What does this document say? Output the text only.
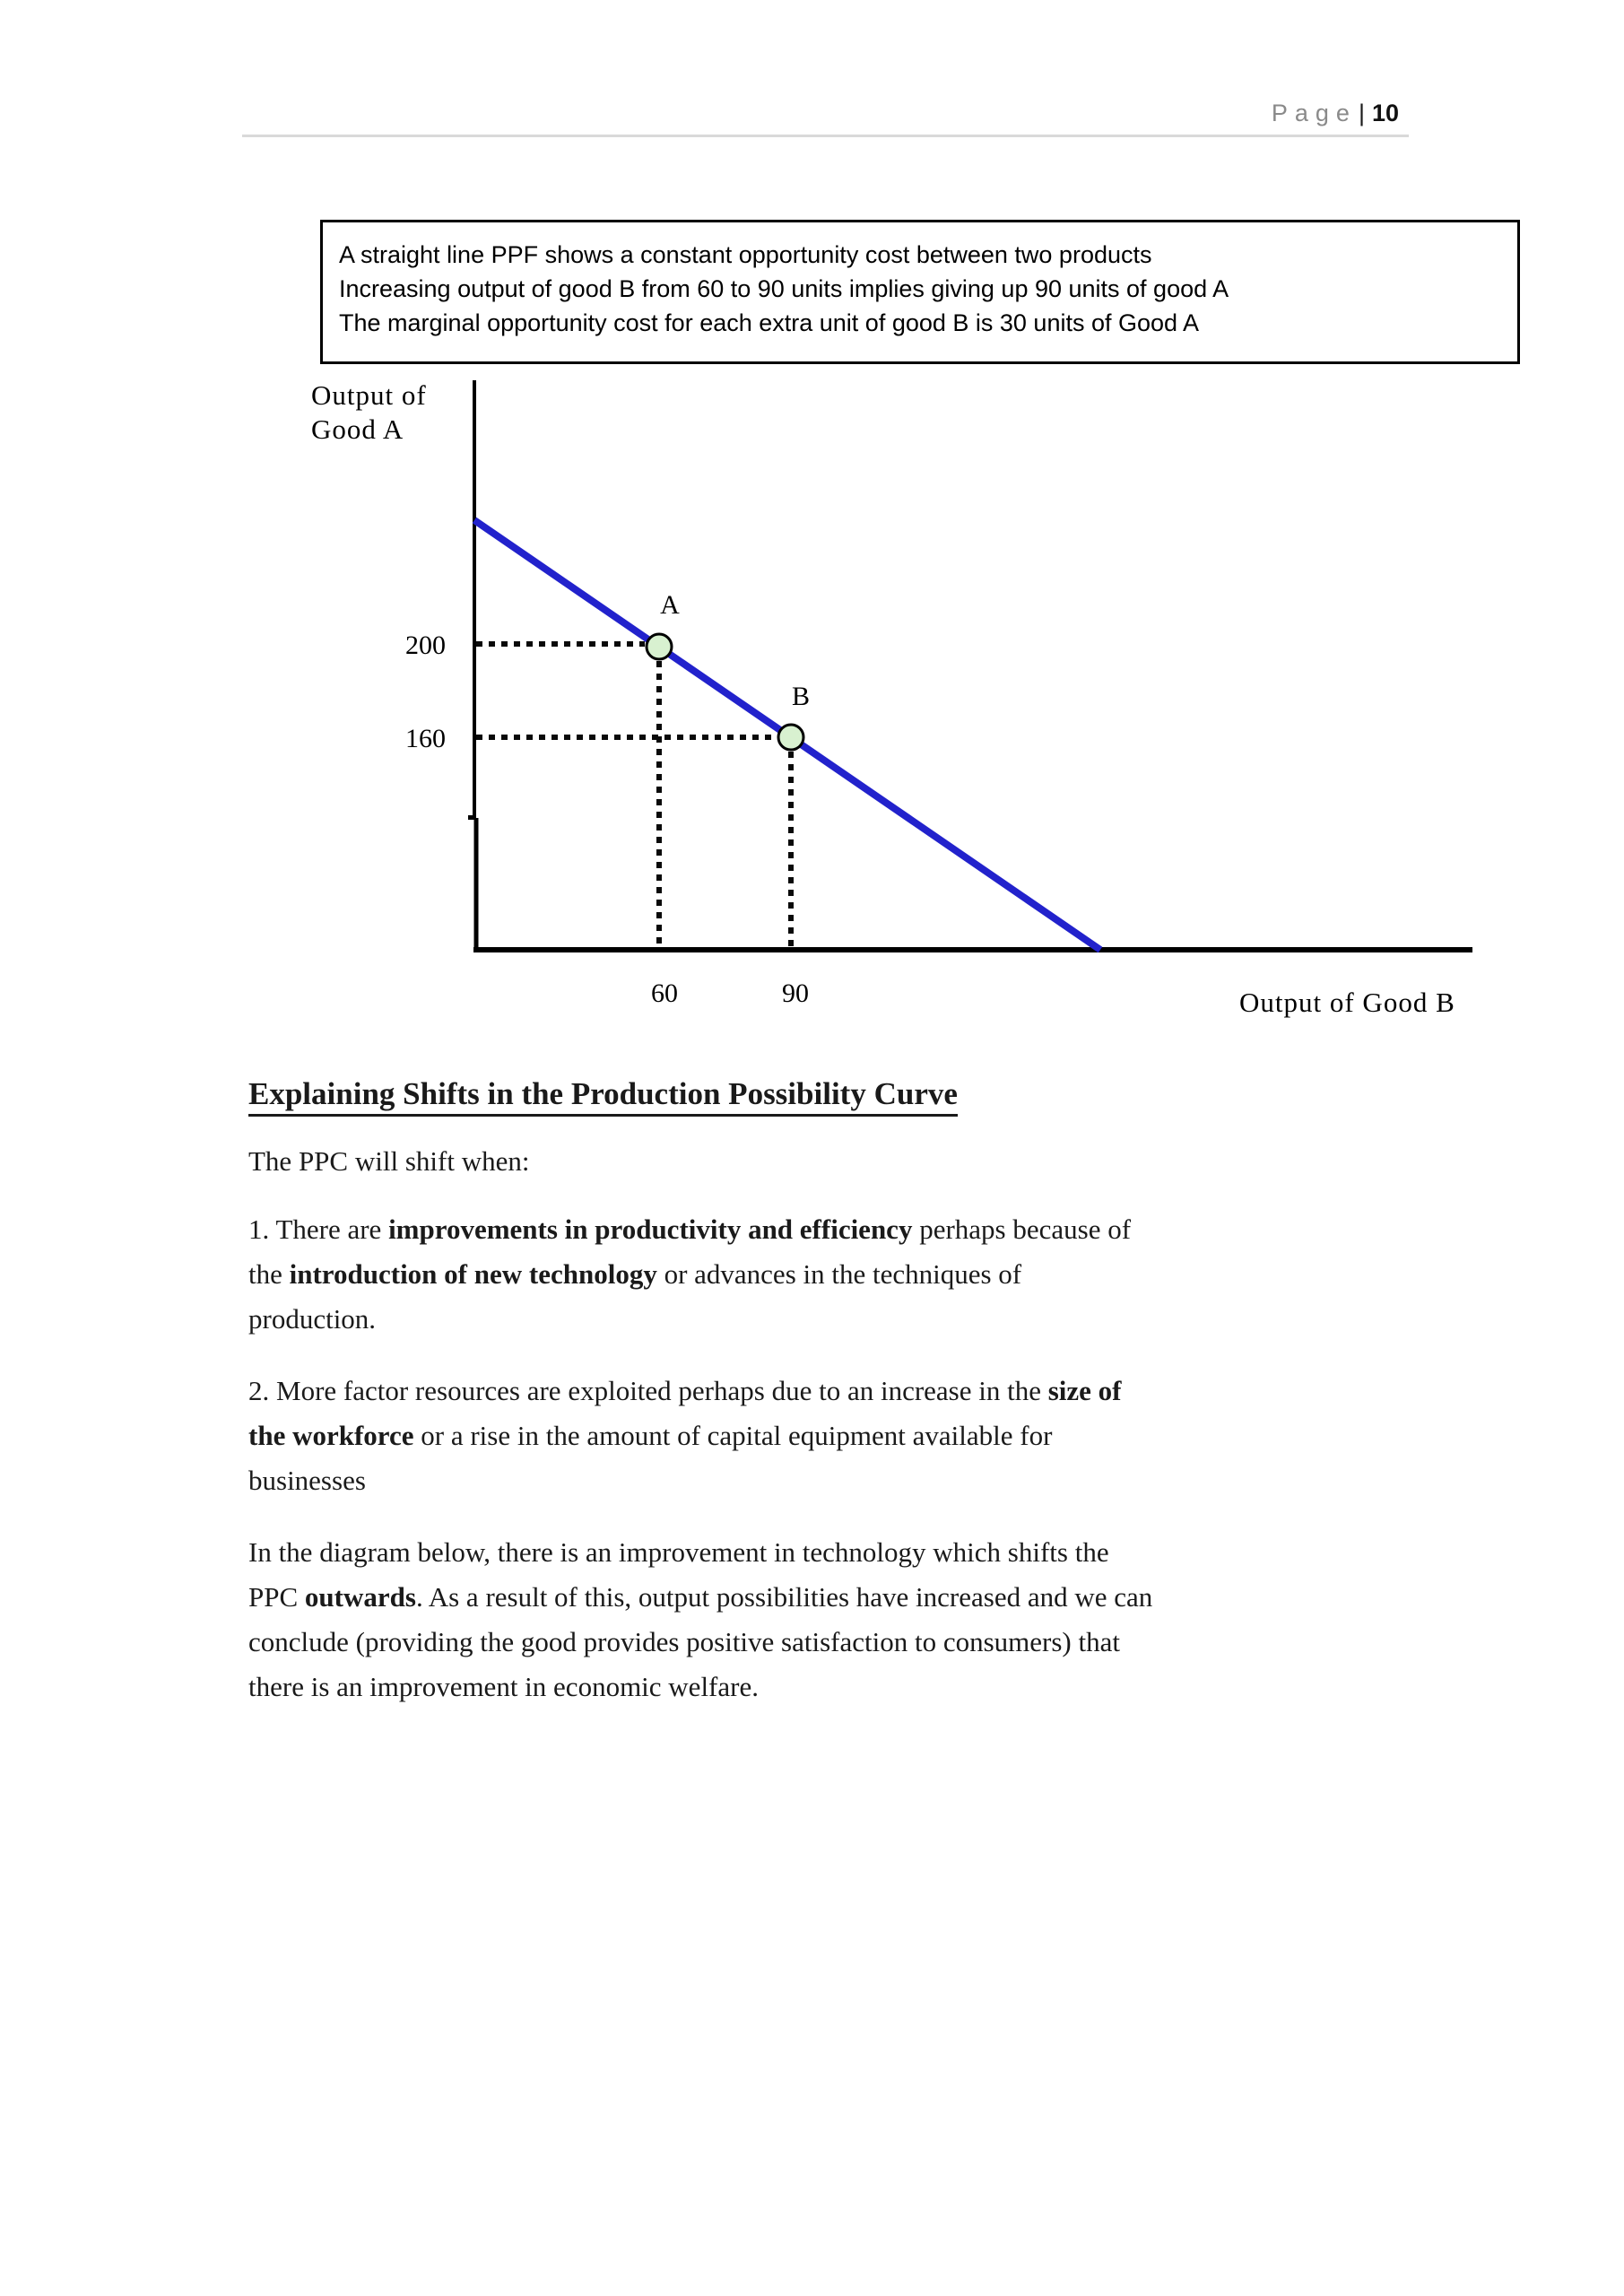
Page| 10
A straight line PPF shows a constant opportunity cost between two products
Increasing output of good B from 60 to 90 units implies giving up 90 units of good A
The marginal opportunity cost for each extra unit of good B is 30 units of Good A
A
B
200
160
60	90
Output of
Good A
Output of Good B
Explaining Shifts in the Production Possibility Curve
The PPC will shift when:
1. There are improvements in productivity and efficiency perhaps because of
the introduction of new technology or advances in the techniques of
production.
2. More factor resources are exploited perhaps due to an increase in the size of
the workforce or a rise in the amount of capital equipment available for
businesses
In the diagram below, there is an improvement in technology which shifts the
PPC outwards. As a result of this, output possibilities have increased and we can
conclude (providing the good provides positive satisfaction to consumers) that
there is an improvement in economic welfare.
